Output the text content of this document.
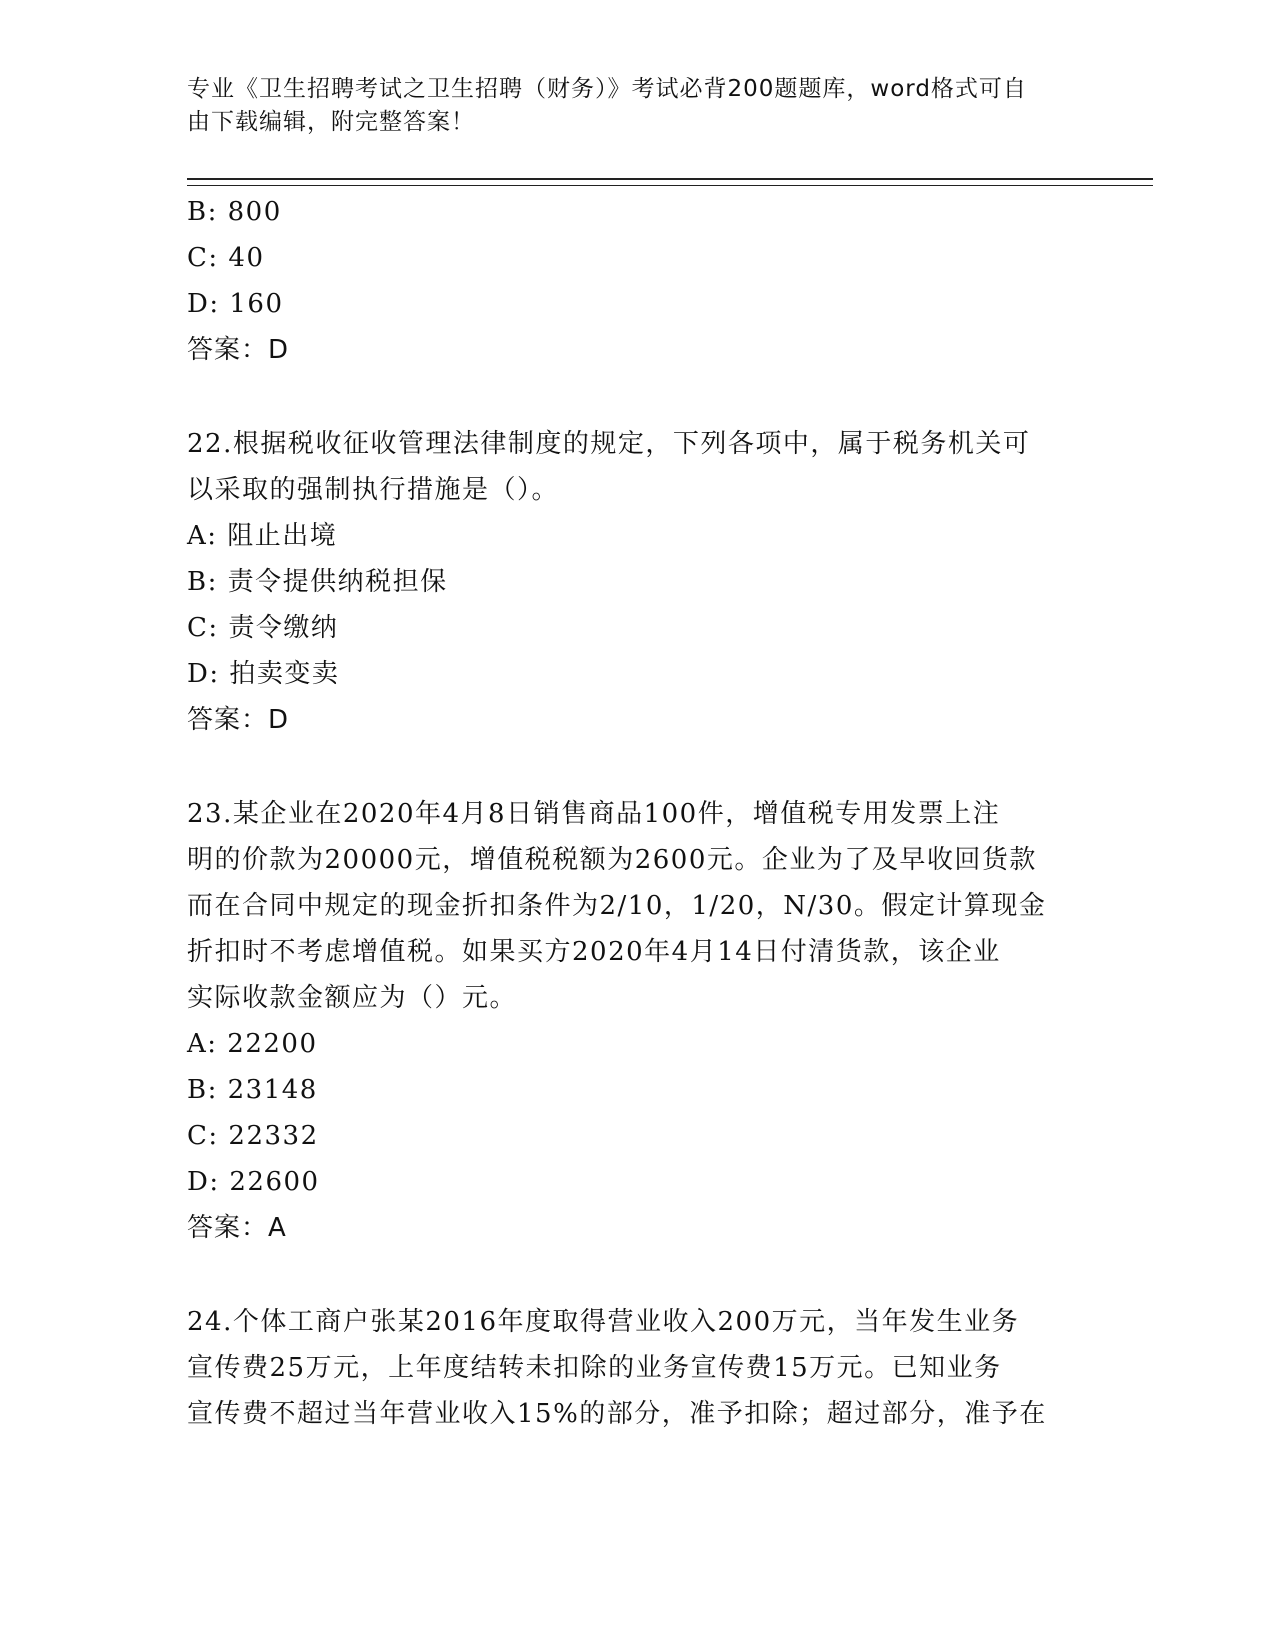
专业《卫生招聘考试之卫生招聘（财务）》考试必背200题题库，word格式可自
由下载编辑，附完整答案！
B: 800
C: 40
D: 160
答案：D
22.根据税收征收管理法律制度的规定，下列各项中，属于税务机关可
以采取的强制执行措施是（）。
A: 阻止出境
B: 责令提供纳税担保
C: 责令缴纳
D: 拍卖变卖
答案：D
23.某企业在2020年4月8日销售商品100件，增值税专用发票上注
明的价款为20000元，增值税税额为2600元。企业为了及早收回货款
而在合同中规定的现金折扣条件为2/10，1/20，N/30。假定计算现金
折扣时不考虑增值税。如果买方2020年4月14日付清货款，该企业
实际收款金额应为（）元。
A: 22200
B: 23148
C: 22332
D: 22600
答案：A
24.个体工商户张某2016年度取得营业收入200万元，当年发生业务
宣传费25万元，上年度结转未扣除的业务宣传费15万元。已知业务
宣传费不超过当年营业收入15%的部分，准予扣除；超过部分，准予在
